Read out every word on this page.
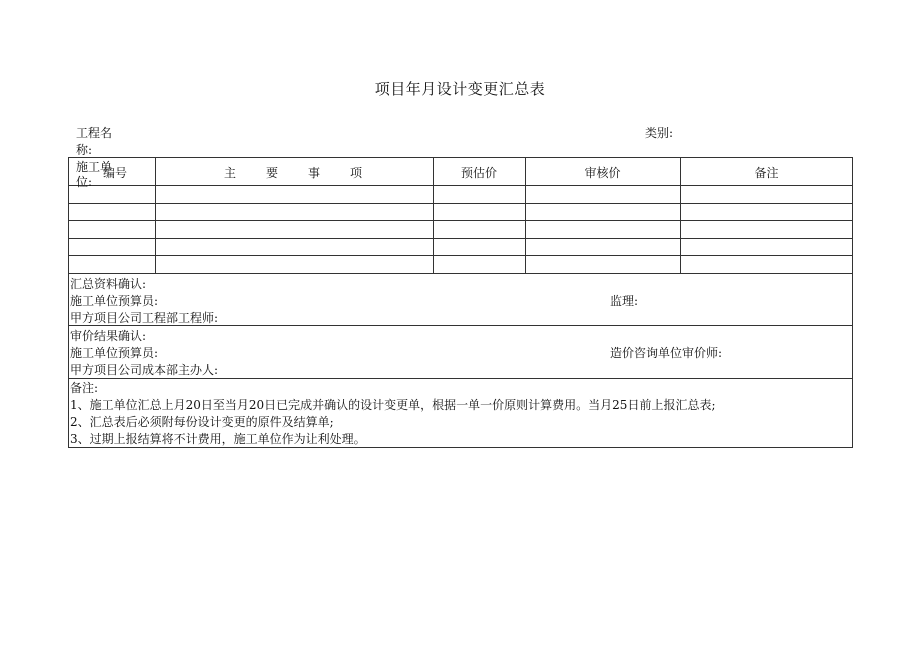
项目年月设计变更汇总表
工程名
称:
类别:
施工单
位:
编号	主　　要　　事　　项	预估价	审核价	备注
汇总资料确认:
施工单位预算员:	监理:
甲方项目公司工程部工程师:
审价结果确认:
施工单位预算员:	造价咨询单位审价师:
甲方项目公司成本部主办人:
备注:
1、施工单位汇总上月20日至当月20日已完成并确认的设计变更单，根据一单一价原则计算费用。当月25日前上报汇总表;
2、汇总表后必须附每份设计变更的原件及结算单;
3、过期上报结算将不计费用，施工单位作为让利处理。
